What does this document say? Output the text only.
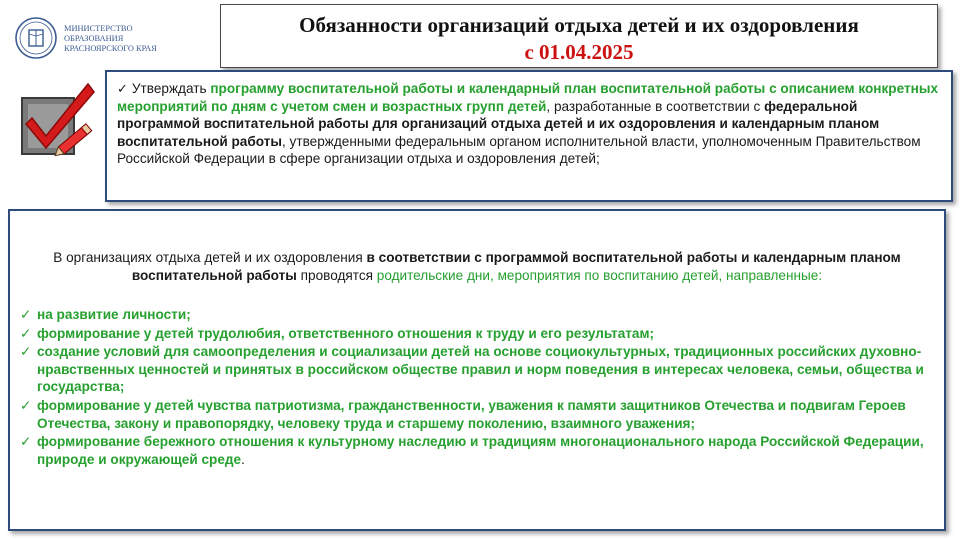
МИНИСТЕРСТВО
ОБРАЗОВАНИЯ
КРАСНОЯРСКОГО КРАЯ
Обязанности организаций отдыха детей и их оздоровления
с 01.04.2025
✓ Утверждать программу воспитательной работы и календарный план воспитательной работы с описанием конкретных мероприятий по дням с учетом смен и возрастных групп детей, разработанные в соответствии с федеральной программой воспитательной работы для организаций отдыха детей и их оздоровления и календарным планом воспитательной работы, утвержденными федеральным органом исполнительной власти, уполномоченным Правительством Российской Федерации в сфере организации отдыха и оздоровления детей;
В организациях отдыха детей и их оздоровления в соответствии с программой воспитательной работы и календарным планом воспитательной работы проводятся родительские дни, мероприятия по воспитанию детей, направленные:
✓ на развитие личности;
✓ формирование у детей трудолюбия, ответственного отношения к труду и его результатам;
✓ создание условий для самоопределения и социализации детей на основе социокультурных, традиционных российских духовно-нравственных ценностей и принятых в российском обществе правил и норм поведения в интересах человека, семьи, общества и государства;
✓ формирование у детей чувства патриотизма, гражданственности, уважения к памяти защитников Отечества и подвигам Героев Отечества, закону и правопорядку, человеку труда и старшему поколению, взаимного уважения;
✓ формирование бережного отношения к культурному наследию и традициям многонационального народа Российской Федерации, природе и окружающей среде.
